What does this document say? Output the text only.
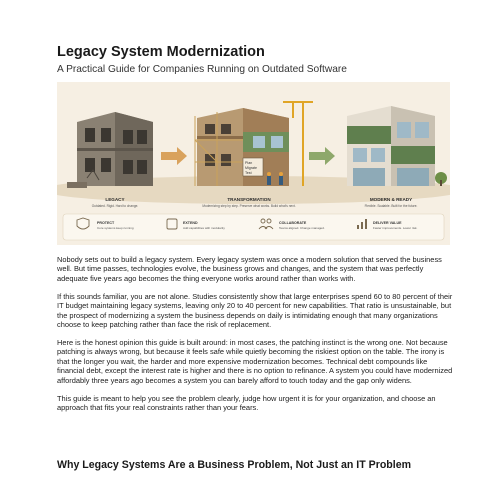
Legacy System Modernization
A Practical Guide for Companies Running on Outdated Software
Plan
Migrate
Test
LEGACY
Outdated. Rigid. Hard to change.
TRANSFORMATION
Modernizing step by step. Preserve what works. Build what's next.
MODERN & READY
Flexible. Scalable. Built for the future.
PROTECT
Core systems keep running
EXTEND
Add capabilities with modularity
COLLABORATE
Teams aligned. Change managed.
DELIVER VALUE
Faster improvements. Lower risk.

Nobody sets out to build a legacy system. Every legacy system was once a modern solution that served the business well. But time passes, technologies evolve, the business grows and changes, and the system that was perfectly adequate five years ago becomes the thing everyone works around rather than works with.

If this sounds familiar, you are not alone. Studies consistently show that large enterprises spend 60 to 80 percent of their IT budget maintaining legacy systems, leaving only 20 to 40 percent for new capabilities. That ratio is unsustainable, but the prospect of modernizing a system the business depends on daily is intimidating enough that many organizations choose to keep patching rather than face the risk of replacement.

Here is the honest opinion this guide is built around: in most cases, the patching instinct is the wrong one. Not because patching is always wrong, but because it feels safe while quietly becoming the riskiest option on the table. The irony is that the longer you wait, the harder and more expensive modernization becomes. Technical debt compounds like financial debt, except the interest rate is higher and there is no option to refinance. A system you could have modernized affordably three years ago becomes a system you can barely afford to touch today and the gap only widens.

This guide is meant to help you see the problem clearly, judge how urgent it is for your organization, and choose an approach that fits your real constraints rather than your fears.

Why Legacy Systems Are a Business Problem, Not Just an IT Problem
